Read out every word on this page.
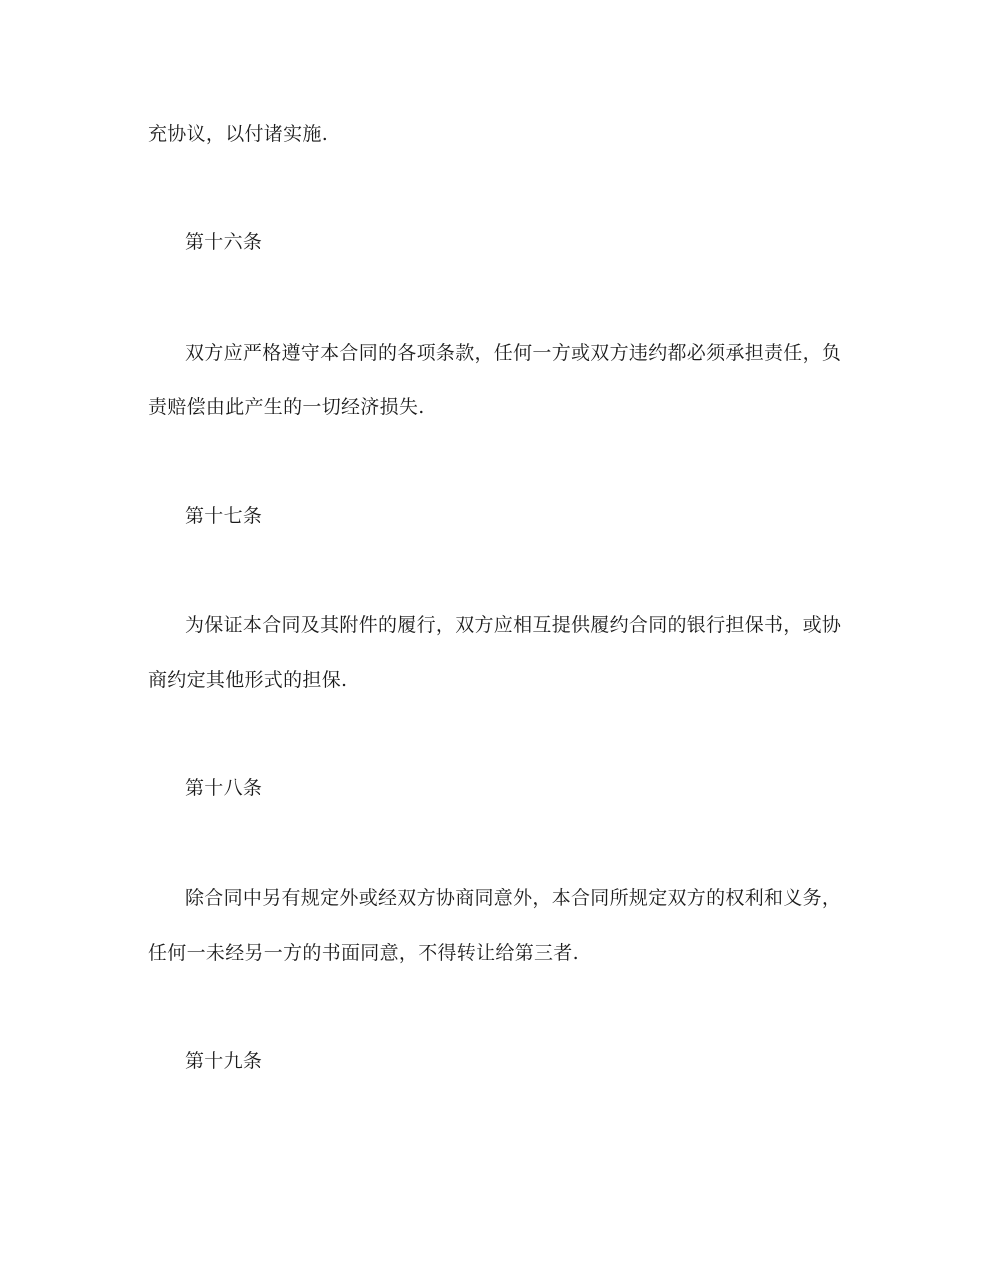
充协议，以付诸实施.
第十六条
双方应严格遵守本合同的各项条款，任何一方或双方违约都必须承担责任，负
责赔偿由此产生的一切经济损失.
第十七条
为保证本合同及其附件的履行，双方应相互提供履约合同的银行担保书，或协
商约定其他形式的担保.
第十八条
除合同中另有规定外或经双方协商同意外，本合同所规定双方的权利和义务，
任何一未经另一方的书面同意，不得转让给第三者.
第十九条
